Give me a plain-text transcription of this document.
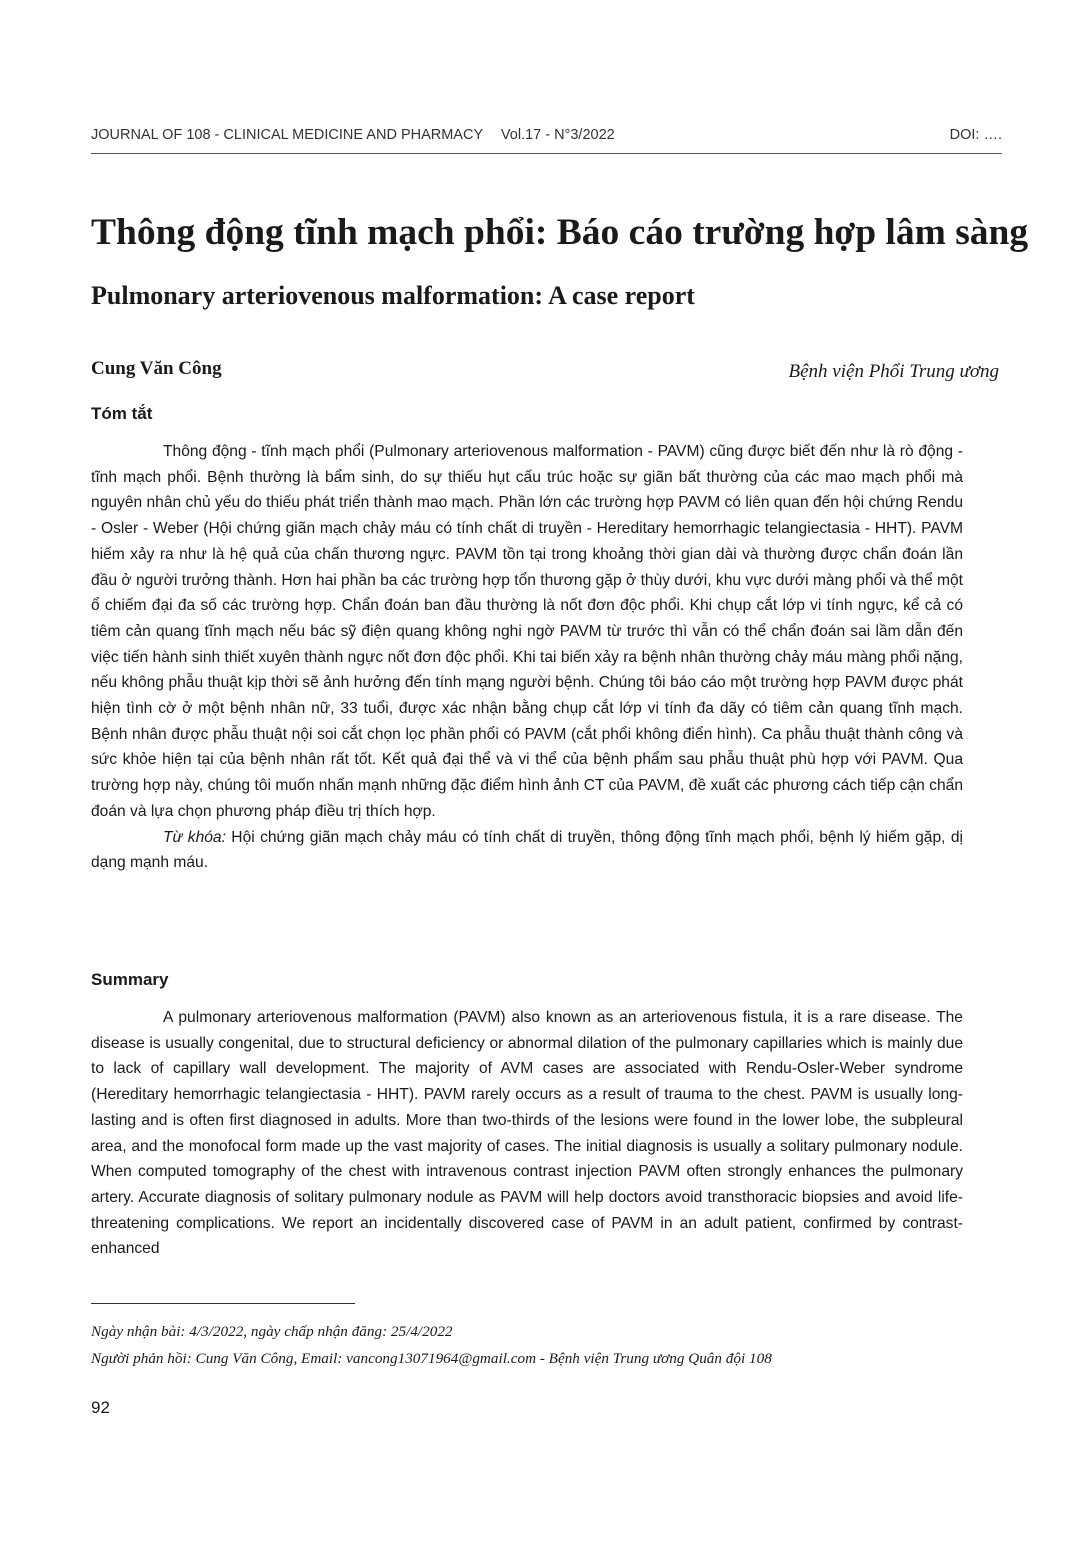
JOURNAL OF 108 - CLINICAL MEDICINE AND PHARMACY Vol.17 - N°3/2022	DOI: ….
Thông động tĩnh mạch phổi: Báo cáo trường hợp lâm sàng
Pulmonary arteriovenous malformation: A case report
Cung Văn Công	Bệnh viện Phổi Trung ương
Tóm tắt

Thông động - tĩnh mạch phổi (Pulmonary arteriovenous malformation - PAVM) cũng được biết đến như là rò động - tĩnh mạch phổi. Bệnh thường là bẩm sinh, do sự thiếu hụt cấu trúc hoặc sự giãn bất thường của các mao mạch phổi mà nguyên nhân chủ yếu do thiếu phát triển thành mao mạch. Phần lớn các trường hợp PAVM có liên quan đến hội chứng Rendu - Osler - Weber (Hội chứng giãn mạch chảy máu có tính chất di truyền - Hereditary hemorrhagic telangiectasia - HHT). PAVM hiếm xảy ra như là hệ quả của chấn thương ngực. PAVM tồn tại trong khoảng thời gian dài và thường được chẩn đoán lần đầu ở người trưởng thành. Hơn hai phần ba các trường hợp tổn thương gặp ở thùy dưới, khu vực dưới màng phổi và thể một ổ chiếm đại đa số các trường hợp. Chẩn đoán ban đầu thường là nốt đơn độc phổi. Khi chụp cắt lớp vi tính ngực, kể cả có tiêm cản quang tĩnh mạch nếu bác sỹ điện quang không nghi ngờ PAVM từ trước thì vẫn có thể chẩn đoán sai lầm dẫn đến việc tiến hành sinh thiết xuyên thành ngực nốt đơn độc phổi. Khi tai biến xảy ra bệnh nhân thường chảy máu màng phổi nặng, nếu không phẫu thuật kịp thời sẽ ảnh hưởng đến tính mạng người bệnh. Chúng tôi báo cáo một trường hợp PAVM được phát hiện tình cờ ở một bệnh nhân nữ, 33 tuổi, được xác nhận bằng chụp cắt lớp vi tính đa dãy có tiêm cản quang tĩnh mạch. Bệnh nhân được phẫu thuật nội soi cắt chọn lọc phần phổi có PAVM (cắt phổi không điển hình). Ca phẫu thuật thành công và sức khỏe hiện tại của bệnh nhân rất tốt. Kết quả đại thể và vi thể của bệnh phẩm sau phẫu thuật phù hợp với PAVM. Qua trường hợp này, chúng tôi muốn nhấn mạnh những đặc điểm hình ảnh CT của PAVM, đề xuất các phương cách tiếp cận chẩn đoán và lựa chọn phương pháp điều trị thích hợp.

Từ khóa: Hội chứng giãn mạch chảy máu có tính chất di truyền, thông động tĩnh mạch phổi, bệnh lý hiếm gặp, dị dạng mạnh máu.

Summary

A pulmonary arteriovenous malformation (PAVM) also known as an arteriovenous fistula, it is a rare disease. The disease is usually congenital, due to structural deficiency or abnormal dilation of the pulmonary capillaries which is mainly due to lack of capillary wall development. The majority of AVM cases are associated with Rendu-Osler-Weber syndrome (Hereditary hemorrhagic telangiectasia - HHT). PAVM rarely occurs as a result of trauma to the chest. PAVM is usually long-lasting and is often first diagnosed in adults. More than two-thirds of the lesions were found in the lower lobe, the subpleural area, and the monofocal form made up the vast majority of cases. The initial diagnosis is usually a solitary pulmonary nodule. When computed tomography of the chest with intravenous contrast injection PAVM often strongly enhances the pulmonary artery. Accurate diagnosis of solitary pulmonary nodule as PAVM will help doctors avoid transthoracic biopsies and avoid life-threatening complications. We report an incidentally discovered case of PAVM in an adult patient, confirmed by contrast-enhanced

Ngày nhận bài: 4/3/2022, ngày chấp nhận đăng: 25/4/2022
Người phản hồi: Cung Văn Công, Email: vancong13071964@gmail.com - Bệnh viện Trung ương Quân đội 108
92
